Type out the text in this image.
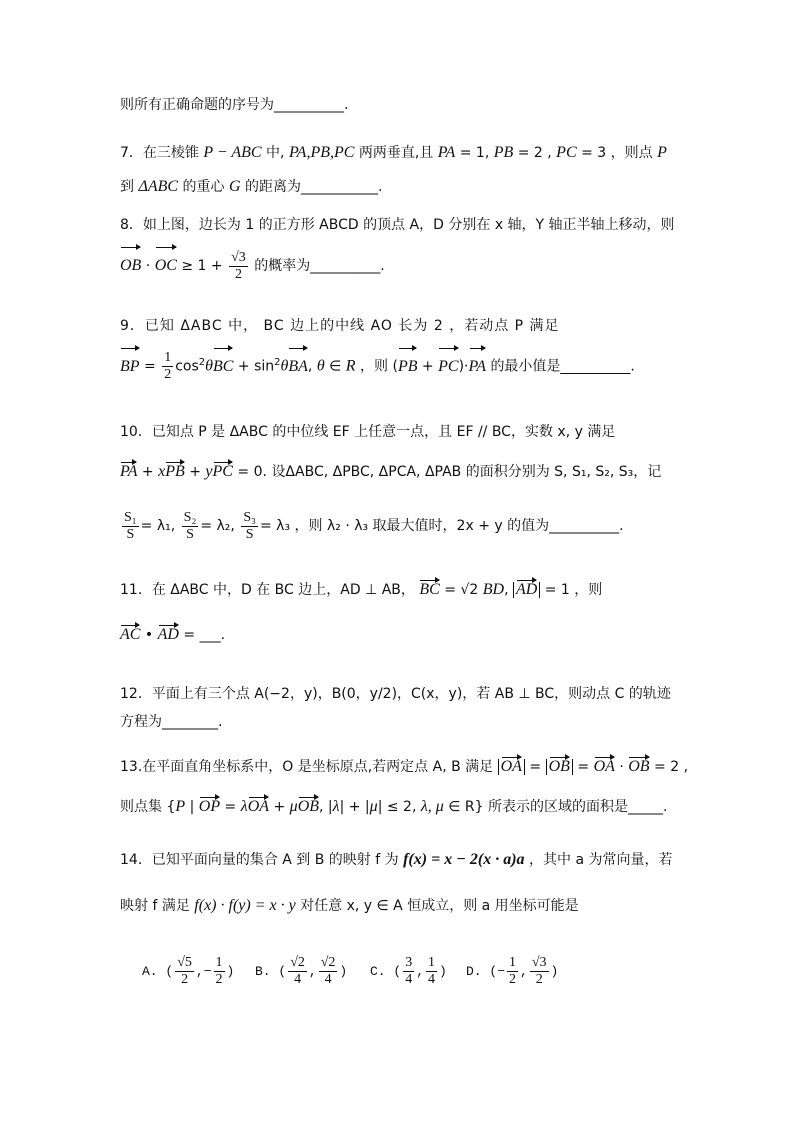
则所有正确命题的序号为__________.
7．在三棱锥 P − ABC 中, PA,PB,PC 两两垂直,且 PA = 1, PB = 2 , PC = 3 ，则点 P
到 ΔABC 的重心 G 的距离为___________.
8．如上图，边长为 1 的正方形 ABCD 的顶点 A，D 分别在 x 轴，Y 轴正半轴上移动，则
OB · OC ≥ $1 + \frac{√3}{2}$ 的概率为__________.
9．已知 ΔABC 中， BC 边上的中线 AO 长为 2 ，若动点 P 满足
BP = $\frac{1}{2} \cos^2\theta BC + \sin^2\theta BA$, θ ∈ R ，则 (PB + PC)·PA 的最小值是__________.
10．已知点 P 是 ΔABC 的中位线 EF 上任意一点，且 EF // BC，实数 x, y 满足
PA + xPB + yPC = 0. 设ΔABC, ΔPBC, ΔPCA, ΔPAB 的面积分别为 S, S₁, S₂, S₃，记
$\frac{\text{S₁}}{S} = \lambda_1$, $\frac{\text{S₂}}{S} = \lambda_2$, $\frac{\text{S₃}}{S} = \lambda_3$ ，则 λ₂ · λ₃ 取最大值时，2x + y 的值为__________.
11．在 ΔABC 中，D 在 BC 边上，AD ⊥ AB， BC = √2 BD, AD = 1 ，则
AC • AD = ___.
12．平面上有三个点 A(−2，y)，B(0，y/2)，C(x，y)，若 AB ⊥ BC，则动点 C 的轨迹
方程为________.
13.在平面直角坐标系中，O 是坐标原点,若两定点 A, B 满足 OA = OB = OA · OB = 2 ,
则点集 {P | OP = λOA + μOB, |λ| + |μ| ≤ 2, λ, μ ∈ R} 所表示的区域的面积是_____.
14．已知平面向量的集合 A 到 B 的映射 f 为 f(x) = x − 2(x · a)a ，其中 a 为常向量，若
映射 f 满足 f(x) · f(y) = x · y 对任意 x, y ∈ A 恒成立，则 a 用坐标可能是
A. ( $\frac{√5}{2}$ ,− $\frac{1}{2}$ ) B. ( $\frac{√2}{4}$ , $\frac{√2}{4}$ ) C. ( $\frac{3}{4}$ , $\frac{1}{4}$ ) D. (− $\frac{1}{2}$ , $\frac{√3}{2}$ )
